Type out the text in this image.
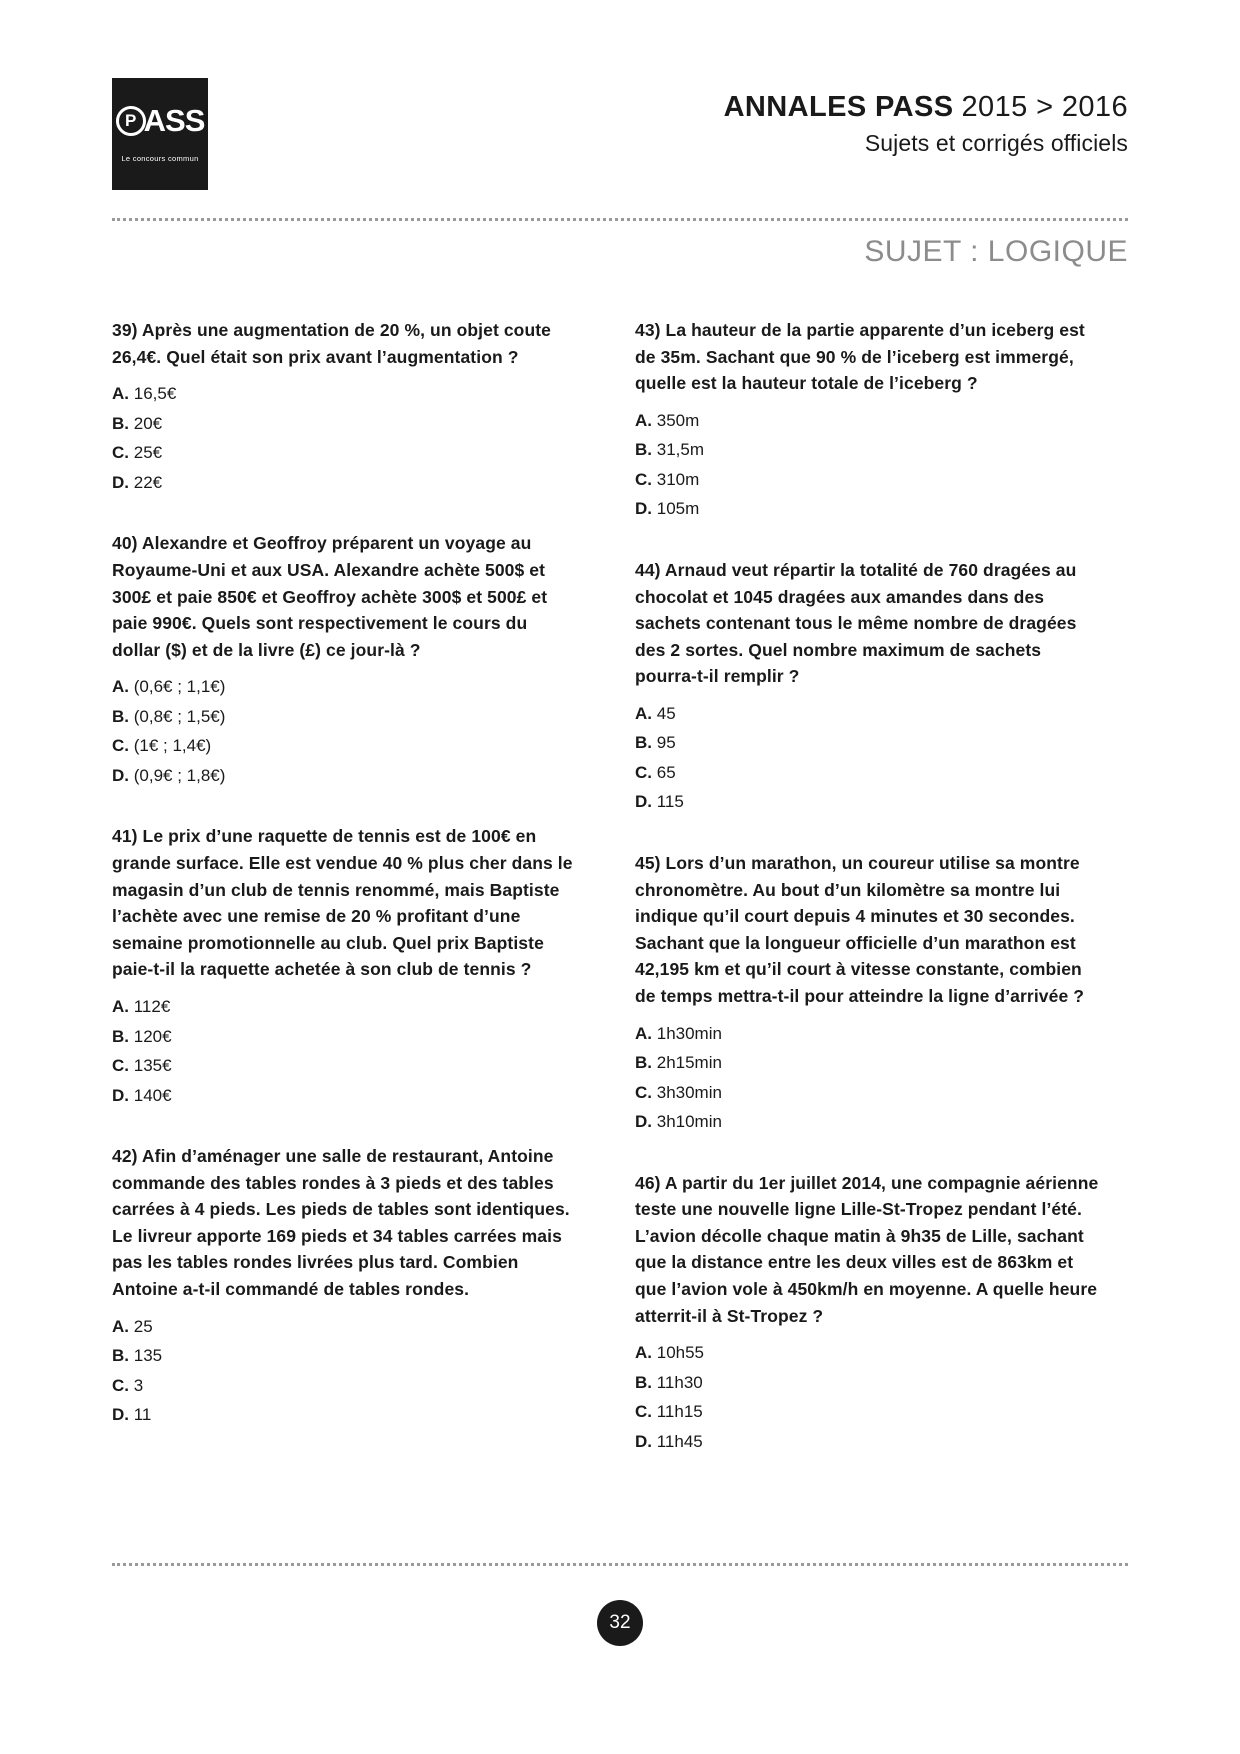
P ASS
Le concours commun
ANNALES PASS 2015 > 2016
Sujets et corrigés officiels
SUJET : LOGIQUE

39) Après une augmentation de 20 %, un objet coute 26,4€. Quel était son prix avant l’augmentation ?

A. 16,5€
B. 20€
C. 25€
D. 22€

40) Alexandre et Geoffroy préparent un voyage au Royaume-Uni et aux USA. Alexandre achète 500$ et 300£ et paie 850€ et Geoffroy achète 300$ et 500£ et paie 990€. Quels sont respectivement le cours du dollar ($) et de la livre (£) ce jour-là ?

A. (0,6€ ; 1,1€)
B. (0,8€ ; 1,5€)
C. (1€ ; 1,4€)
D. (0,9€ ; 1,8€)

41) Le prix d’une raquette de tennis est de 100€ en grande surface. Elle est vendue 40 % plus cher dans le magasin d’un club de tennis renommé, mais Baptiste l’achète avec une remise de 20 % profitant d’une semaine promotionnelle au club. Quel prix Baptiste paie-t-il la raquette achetée à son club de tennis ?

A. 112€
B. 120€
C. 135€
D. 140€

42) Afin d’aménager une salle de restaurant, Antoine commande des tables rondes à 3 pieds et des tables carrées à 4 pieds. Les pieds de tables sont identiques. Le livreur apporte 169 pieds et 34 tables carrées mais pas les tables rondes livrées plus tard. Combien Antoine a-t-il commandé de tables rondes.

A. 25
B. 135
C. 3
D. 11

43) La hauteur de la partie apparente d’un iceberg est de 35m. Sachant que 90 % de l’iceberg est immergé, quelle est la hauteur totale de l’iceberg ?

A. 350m
B. 31,5m
C. 310m
D. 105m

44) Arnaud veut répartir la totalité de 760 dragées au chocolat et 1045 dragées aux amandes dans des sachets contenant tous le même nombre de dragées des 2 sortes. Quel nombre maximum de sachets pourra-t-il remplir ?

A. 45
B. 95
C. 65
D. 115

45) Lors d’un marathon, un coureur utilise sa montre chronomètre. Au bout d’un kilomètre sa montre lui indique qu’il court depuis 4 minutes et 30 secondes. Sachant que la longueur officielle d’un marathon est 42,195 km et qu’il court à vitesse constante, combien de temps mettra-t-il pour atteindre la ligne d’arrivée ?

A. 1h30min
B. 2h15min
C. 3h30min
D. 3h10min

46) A partir du 1er juillet 2014, une compagnie aérienne teste une nouvelle ligne Lille-St-Tropez pendant l’été. L’avion décolle chaque matin à 9h35 de Lille, sachant que la distance entre les deux villes est de 863km et que l’avion vole à 450km/h en moyenne. A quelle heure atterrit-il à St-Tropez ?

A. 10h55
B. 11h30
C. 11h15
D. 11h45
32
